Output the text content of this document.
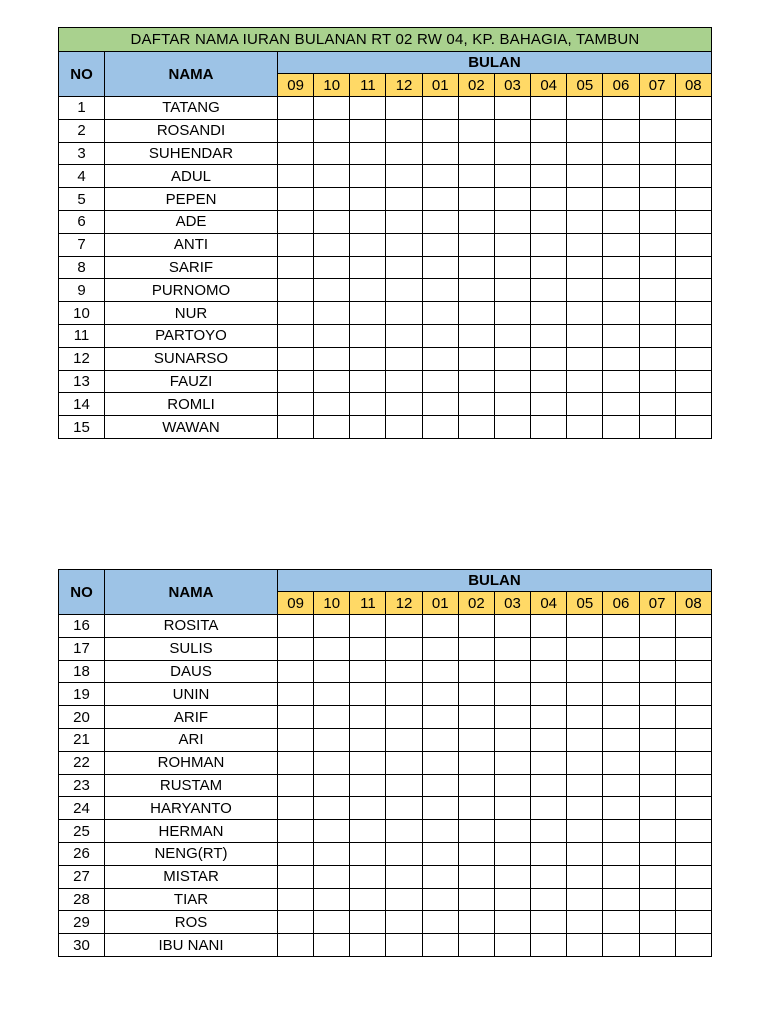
DAFTAR NAMA IURAN BULANAN RT 02 RW 04, KP. BAHAGIA, TAMBUN													
NO	NAMA	BULAN											
		09	10	11	12	01	02	03	04	05	06	07	08
1	TATANG												
2	ROSANDI												
3	SUHENDAR												
4	ADUL												
5	PEPEN												
6	ADE												
7	ANTI												
8	SARIF												
9	PURNOMO												
10	NUR												
11	PARTOYO												
12	SUNARSO												
13	FAUZI												
14	ROMLI												
15	WAWAN												
NO	NAMA	BULAN											
		09	10	11	12	01	02	03	04	05	06	07	08
16	ROSITA												
17	SULIS												
18	DAUS												
19	UNIN												
20	ARIF												
21	ARI												
22	ROHMAN												
23	RUSTAM												
24	HARYANTO												
25	HERMAN												
26	NENG(RT)												
27	MISTAR												
28	TIAR												
29	ROS												
30	IBU NANI												
